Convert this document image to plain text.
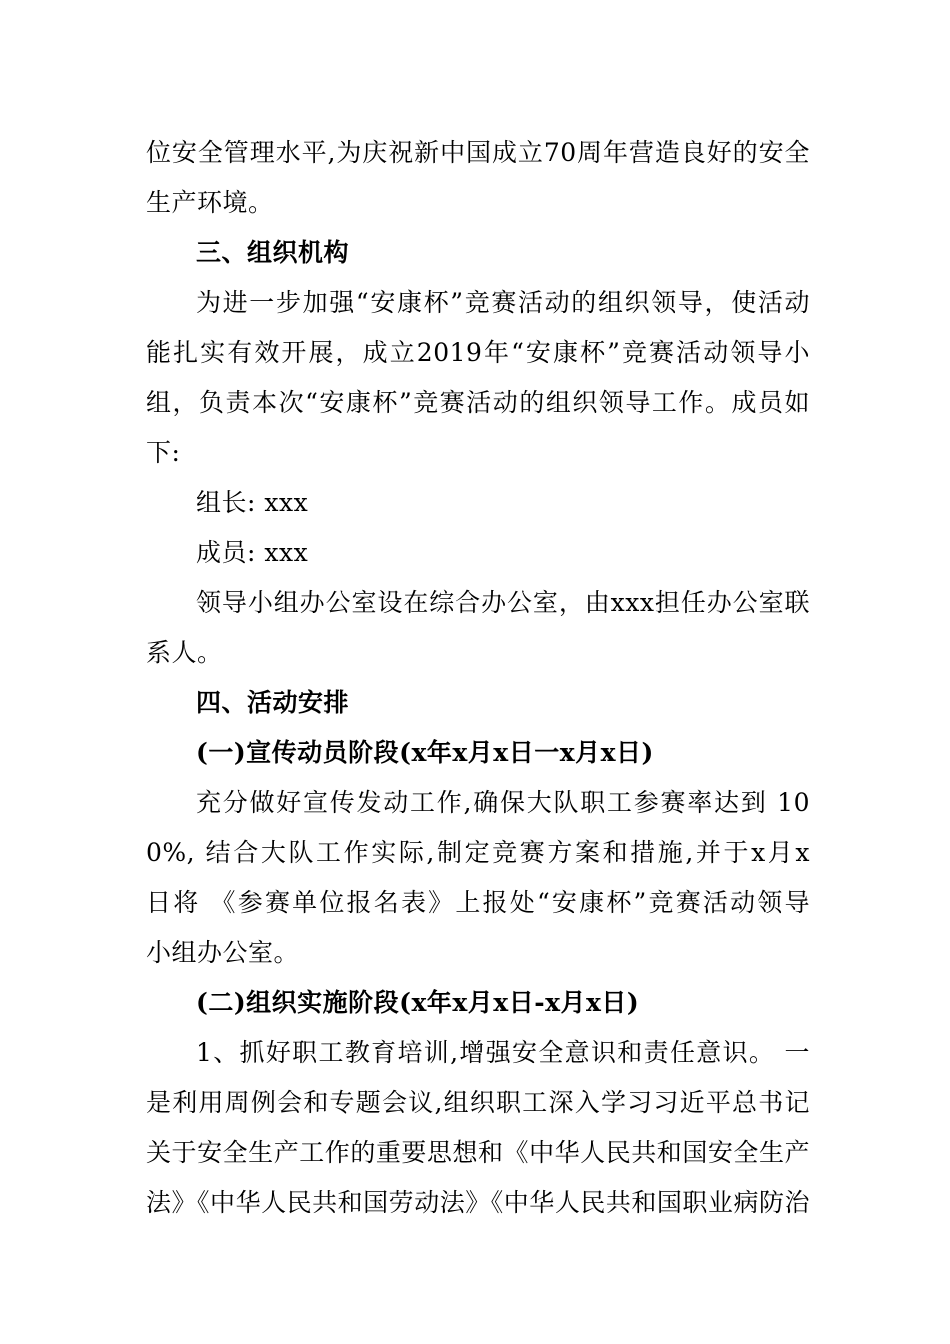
位安全管理水平,为庆祝新中国成立70周年营造良好的安全
生产环境。
三、组织机构
为进一步加强“安康杯”竞赛活动的组织领导，使活动
能扎实有效开展，成立2019年“安康杯”竞赛活动领导小
组，负责本次“安康杯”竞赛活动的组织领导工作。成员如
下:
组长: xxx
成员: xxx
领导小组办公室设在综合办公室，由xxx担任办公室联
系人。
四、活动安排
(一)宣传动员阶段(x年x月x日一x月x日)
充分做好宣传发动工作,确保大队职工参赛率达到 10
0%, 结合大队工作实际,制定竞赛方案和措施,并于x月x
日将 《参赛单位报名表》上报处“安康杯”竞赛活动领导
小组办公室。
(二)组织实施阶段(x年x月x日-x月x日)
1、抓好职工教育培训,增强安全意识和责任意识。 一
是利用周例会和专题会议,组织职工深入学习习近平总书记
关于安全生产工作的重要思想和《中华人民共和国安全生产
法》《中华人民共和国劳动法》《中华人民共和国职业病防治
